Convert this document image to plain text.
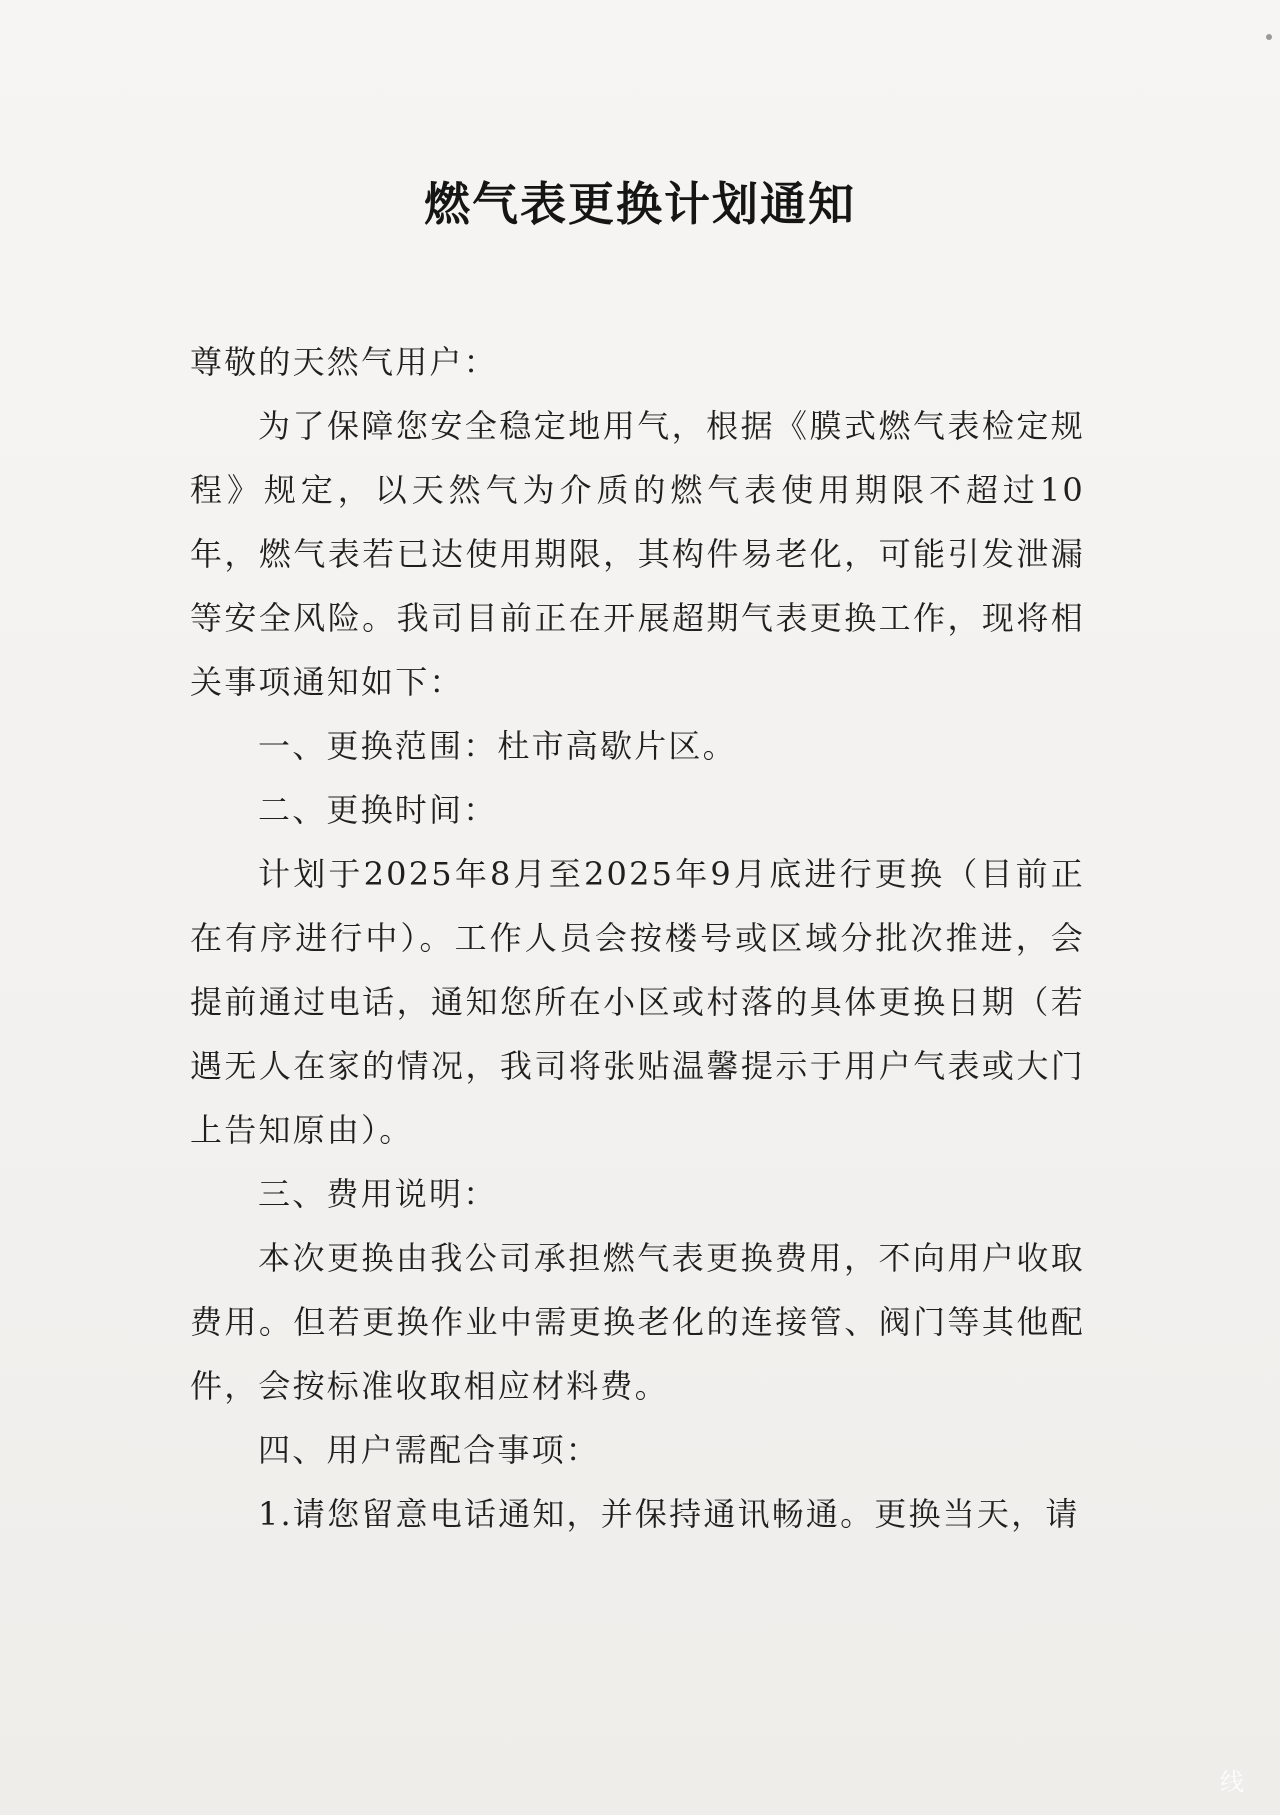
燃气表更换计划通知

尊敬的天然气用户：

为了保障您安全稳定地用气，根据《膜式燃气表检定规程》规定，以天然气为介质的燃气表使用期限不超过10年，燃气表若已达使用期限，其构件易老化，可能引发泄漏等安全风险。我司目前正在开展超期气表更换工作，现将相关事项通知如下：

一、更换范围：杜市高歇片区。

二、更换时间：

计划于2025年8月至2025年9月底进行更换（目前正在有序进行中）。工作人员会按楼号或区域分批次推进，会提前通过电话，通知您所在小区或村落的具体更换日期（若遇无人在家的情况，我司将张贴温馨提示于用户气表或大门上告知原由）。

三、费用说明：

本次更换由我公司承担燃气表更换费用，不向用户收取费用。但若更换作业中需更换老化的连接管、阀门等其他配件，会按标准收取相应材料费。

四、用户需配合事项：

1.请您留意电话通知，并保持通讯畅通。更换当天，请

线
